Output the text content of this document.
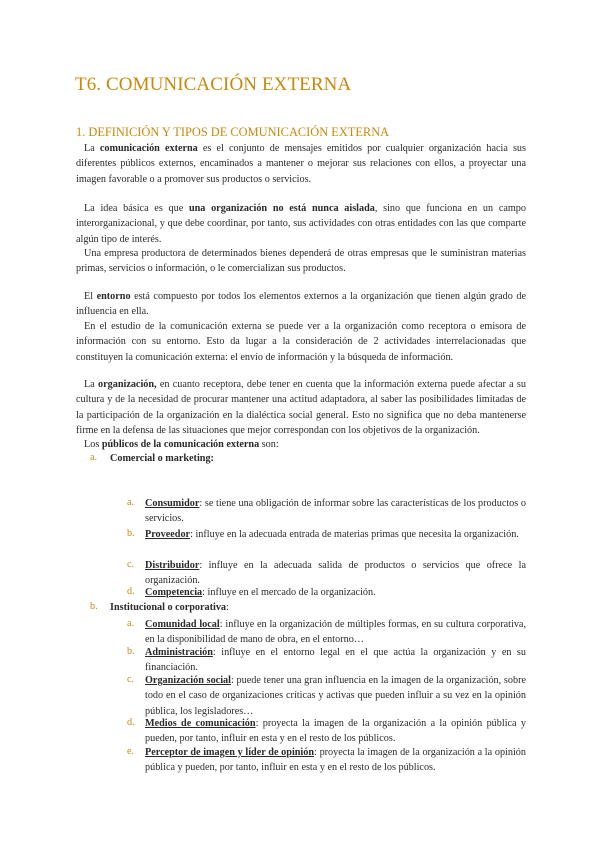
T6. COMUNICACIÓN EXTERNA
1. DEFINICIÓN Y TIPOS DE COMUNICACIÓN EXTERNA

La comunicación externa es el conjunto de mensajes emitidos por cualquier organización hacia sus diferentes públicos externos, encaminados a mantener o mejorar sus relaciones con ellos, a proyectar una imagen favorable o a promover sus productos o servicios.

La idea básica es que una organización no está nunca aislada, sino que funciona en un campo interorganizacional, y que debe coordinar, por tanto, sus actividades con otras entidades con las que comparte algún tipo de interés.

Una empresa productora de determinados bienes dependerá de otras empresas que le suministran materias primas, servicios o información, o le comercializan sus productos.

El entorno está compuesto por todos los elementos externos a la organización que tienen algún grado de influencia en ella.

En el estudio de la comunicación externa se puede ver a la organización como receptora o emisora de información con su entorno. Esto da lugar a la consideración de 2 actividades interrelacionadas que constituyen la comunicación externa: el envío de información y la búsqueda de información.

La organización, en cuanto receptora, debe tener en cuenta que la información externa puede afectar a su cultura y de la necesidad de procurar mantener una actitud adaptadora, al saber las posibilidades limitadas de la participación de la organización en la dialéctica social general. Esto no significa que no deba mantenerse firme en la defensa de las situaciones que mejor correspondan con los objetivos de la organización.

Los públicos de la comunicación externa son:

a. Comercial o marketing:

a. Consumidor: se tiene una obligación de informar sobre las características de los productos o servicios.

b. Proveedor: influye en la adecuada entrada de materias primas que necesita la organización.

c. Distribuidor: influye en la adecuada salida de productos o servicios que ofrece la organización.

d. Competencia: influye en el mercado de la organización.

b. Institucional o corporativa:

a. Comunidad local: influye en la organización de múltiples formas, en su cultura corporativa, en la disponibilidad de mano de obra, en el entorno…

b. Administración: influye en el entorno legal en el que actúa la organización y en su financiación.

c. Organización social: puede tener una gran influencia en la imagen de la organización, sobre todo en el caso de organizaciones críticas y activas que pueden influir a su vez en la opinión pública, los legisladores…

d. Medios de comunicación: proyecta la imagen de la organización a la opinión pública y pueden, por tanto, influir en esta y en el resto de los públicos.

e. Perceptor de imagen y líder de opinión: proyecta la imagen de la organización a la opinión pública y pueden, por tanto, influir en esta y en el resto de los públicos.
